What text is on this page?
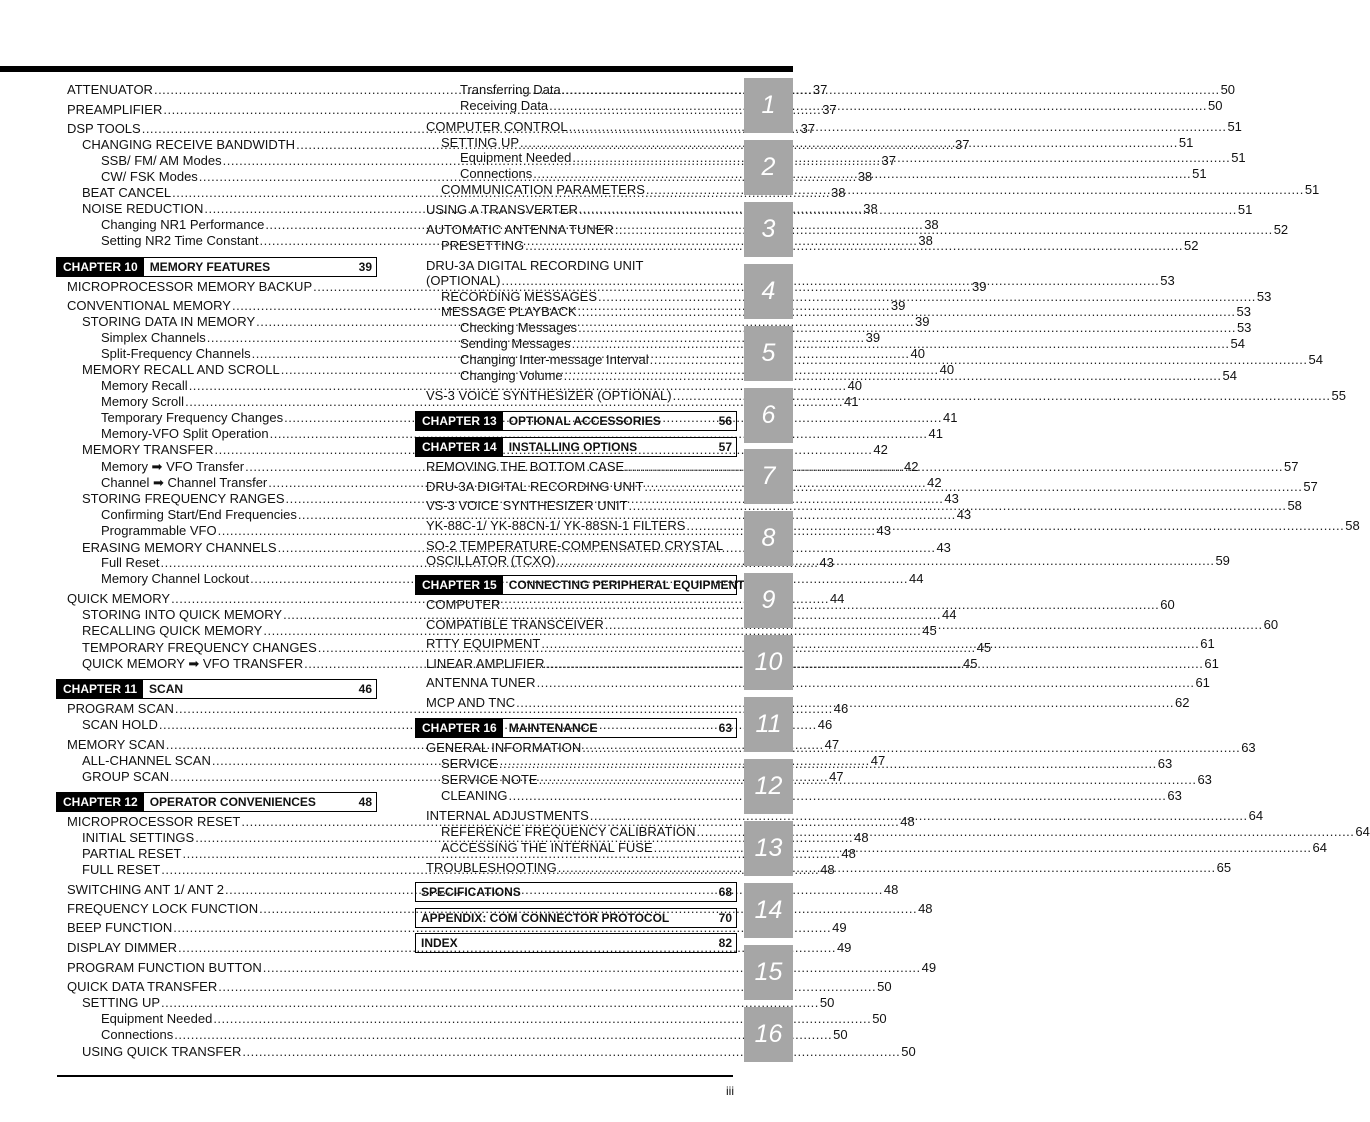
ATTENUATOR .....	37
PREAMPLIFIER .....	37
DSP TOOLS .....	37
CHANGING RECEIVE BANDWIDTH .....	37
SSB/ FM/ AM Modes .....	37
CW/ FSK Modes .....	38
BEAT CANCEL .....	38
NOISE REDUCTION .....	38
Changing NR1 Performance .....	38
Setting NR2 Time Constant .....	38
MICROPROCESSOR MEMORY BACKUP .....	39
CONVENTIONAL MEMORY .....	39
STORING DATA IN MEMORY .....	39
Simplex Channels .....	39
Split-Frequency Channels .....	40
MEMORY RECALL AND SCROLL .....	40
Memory Recall .....	40
Memory Scroll .....	41
Temporary Frequency Changes .....	41
Memory-VFO Split Operation .....	41
MEMORY TRANSFER .....	42
Memory ➡ VFO Transfer .....	42
Channel ➡ Channel Transfer .....	42
STORING FREQUENCY RANGES .....	43
Confirming Start/End Frequencies .....	43
Programmable VFO .....	43
ERASING MEMORY CHANNELS .....	43
Full Reset .....	43
Memory Channel Lockout .....	44
QUICK MEMORY .....	44
STORING INTO QUICK MEMORY .....	44
RECALLING QUICK MEMORY .....	45
TEMPORARY FREQUENCY CHANGES .....	45
QUICK MEMORY ➡ VFO TRANSFER .....	45
PROGRAM SCAN .....	46
SCAN HOLD .....	46
MEMORY SCAN .....	47
ALL-CHANNEL SCAN .....	47
GROUP SCAN .....	47
MICROPROCESSOR RESET .....	48
INITIAL SETTINGS .....	48
PARTIAL RESET .....	48
FULL RESET .....	48
SWITCHING ANT 1/ ANT 2 .....	48
FREQUENCY LOCK FUNCTION .....	48
BEEP FUNCTION .....	49
DISPLAY DIMMER .....	49
PROGRAM FUNCTION BUTTON .....	49
QUICK DATA TRANSFER .....	50
SETTING UP .....	50
Equipment Needed .....	50
Connections .....	50
USING QUICK TRANSFER .....	50
CHAPTER 10	MEMORY FEATURES	39
CHAPTER 11	SCAN	46
CHAPTER 12	OPERATOR CONVENIENCES	48
Transferring Data .....	50
Receiving Data .....	50
COMPUTER CONTROL .....	51
SETTING UP .....	51
Equipment Needed .....	51
Connections .....	51
COMMUNICATION PARAMETERS .....	51
USING A TRANSVERTER .....	51
AUTOMATIC ANTENNA TUNER .....	52
PRESETTING .....	52
DRU-3A DIGITAL RECORDING UNIT
(OPTIONAL) .....	53
RECORDING MESSAGES .....	53
MESSAGE PLAYBACK .....	53
Checking Messages .....	53
Sending Messages .....	54
Changing Inter-message Interval .....	54
Changing Volume .....	54
VS-3 VOICE SYNTHESIZER (OPTIONAL) .....	55
REMOVING THE BOTTOM CASE .....	57
DRU-3A DIGITAL RECORDING UNIT .....	57
VS-3 VOICE SYNTHESIZER UNIT .....	58
YK-88C-1/ YK-88CN-1/ YK-88SN-1 FILTERS .....	58
SO-2 TEMPERATURE-COMPENSATED CRYSTAL
OSCILLATOR (TCXO) .....	59
COMPUTER .....	60
COMPATIBLE TRANSCEIVER .....	60
RTTY EQUIPMENT .....	61
LINEAR AMPLIFIER .....	61
ANTENNA TUNER .....	61
MCP AND TNC .....	62
GENERAL INFORMATION .....	63
SERVICE .....	63
SERVICE NOTE .....	63
CLEANING .....	63
INTERNAL ADJUSTMENTS .....	64
REFERENCE FREQUENCY CALIBRATION .....	64
ACCESSING THE INTERNAL FUSE .....	64
TROUBLESHOOTING .....	65
CHAPTER 13	OPTIONAL ACCESSORIES	56
CHAPTER 14	INSTALLING OPTIONS	57
CHAPTER 15	CONNECTING PERIPHERAL EQUIPMENT
CHAPTER 16	MAINTENANCE	63
SPECIFICATIONS	68
APPENDIX: COM CONNECTOR PROTOCOL	70
INDEX	82
1
2
3
4
5
6
7
8
9
10
11
12
13
14
15
16
iii
